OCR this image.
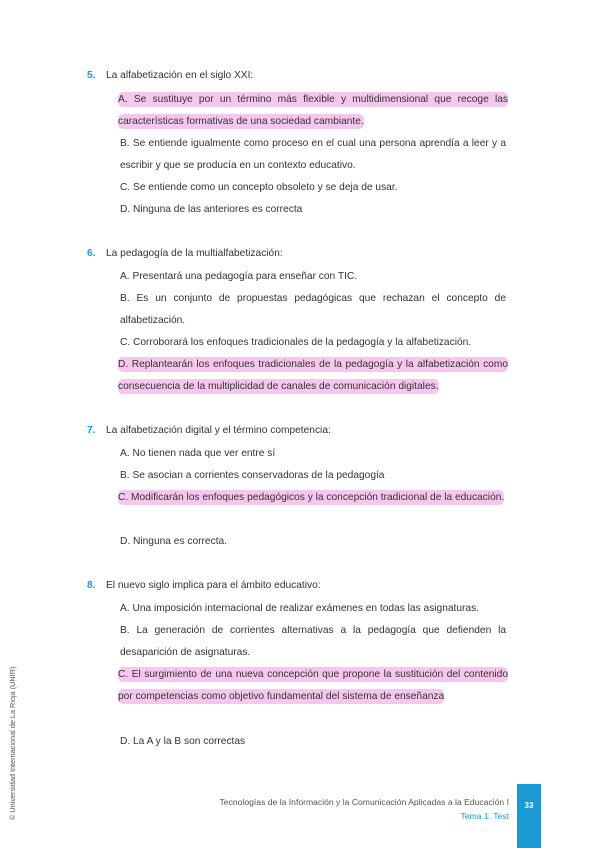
5. La alfabetización en el siglo XXI:
A. Se sustituye por un término más flexible y multidimensional que recoge las características formativas de una sociedad cambiante.
B. Se entiende igualmente como proceso en el cual una persona aprendía a leer y a escribir y que se producía en un contexto educativo.
C. Se entiende como un concepto obsoleto y se deja de usar.
D. Ninguna de las anteriores es correcta
6. La pedagogía de la multialfabetización:
A. Presentará una pedagogía para enseñar con TIC.
B. Es un conjunto de propuestas pedagógicas que rechazan el concepto de alfabetización.
C. Corroborará los enfoques tradicionales de la pedagogía y la alfabetización.
D. Replantearán los enfoques tradicionales de la pedagogía y la alfabetización como consecuencia de la multiplicidad de canales de comunicación digitales.
7. La alfabetización digital y el término competencia:
A. No tienen nada que ver entre sí
B. Se asocian a corrientes conservadoras de la pedagogía
C. Modificarán los enfoques pedagógicos y la concepción tradicional de la educación.
D. Ninguna es correcta.
8. El nuevo siglo implica para el ámbito educativo:
A. Una imposición internacional de realizar exámenes en todas las asignaturas.
B. La generación de corrientes alternativas a la pedagogía que defienden la desaparición de asignaturas.
C. El surgimiento de una nueva concepción que propone la sustitución del contenido por competencias como objetivo fundamental del sistema de enseñanza
D. La A y la B son correctas
Tecnologías de la Información y la Comunicación Aplicadas a la Educación I
Tema 1. Test
33
© Universidad Internacional de La Rioja (UNIR)
